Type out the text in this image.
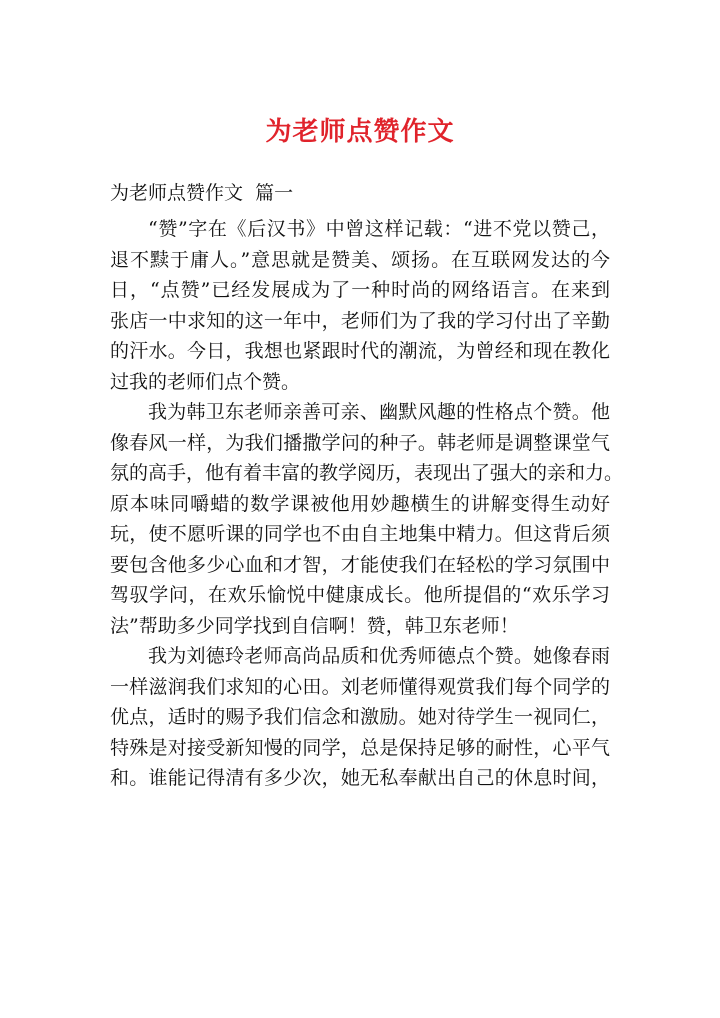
为老师点赞作文
为老师点赞作文  篇一
“赞”字在《后汉书》中曾这样记载：“进不党以赞己，
退不黩于庸人。”意思就是赞美、颂扬。在互联网发达的今
日，“点赞”已经发展成为了一种时尚的网络语言。在来到
张店一中求知的这一年中，老师们为了我的学习付出了辛勤
的汗水。今日，我想也紧跟时代的潮流，为曾经和现在教化
过我的老师们点个赞。
我为韩卫东老师亲善可亲、幽默风趣的性格点个赞。他
像春风一样，为我们播撒学问的种子。韩老师是调整课堂气
氛的高手，他有着丰富的教学阅历，表现出了强大的亲和力。
原本味同嚼蜡的数学课被他用妙趣横生的讲解变得生动好
玩，使不愿听课的同学也不由自主地集中精力。但这背后须
要包含他多少心血和才智，才能使我们在轻松的学习氛围中
驾驭学问，在欢乐愉悦中健康成长。他所提倡的“欢乐学习
法”帮助多少同学找到自信啊！赞，韩卫东老师！
我为刘德玲老师高尚品质和优秀师德点个赞。她像春雨
一样滋润我们求知的心田。刘老师懂得观赏我们每个同学的
优点，适时的赐予我们信念和激励。她对待学生一视同仁，
特殊是对接受新知慢的同学，总是保持足够的耐性，心平气
和。谁能记得清有多少次，她无私奉献出自己的休息时间，
